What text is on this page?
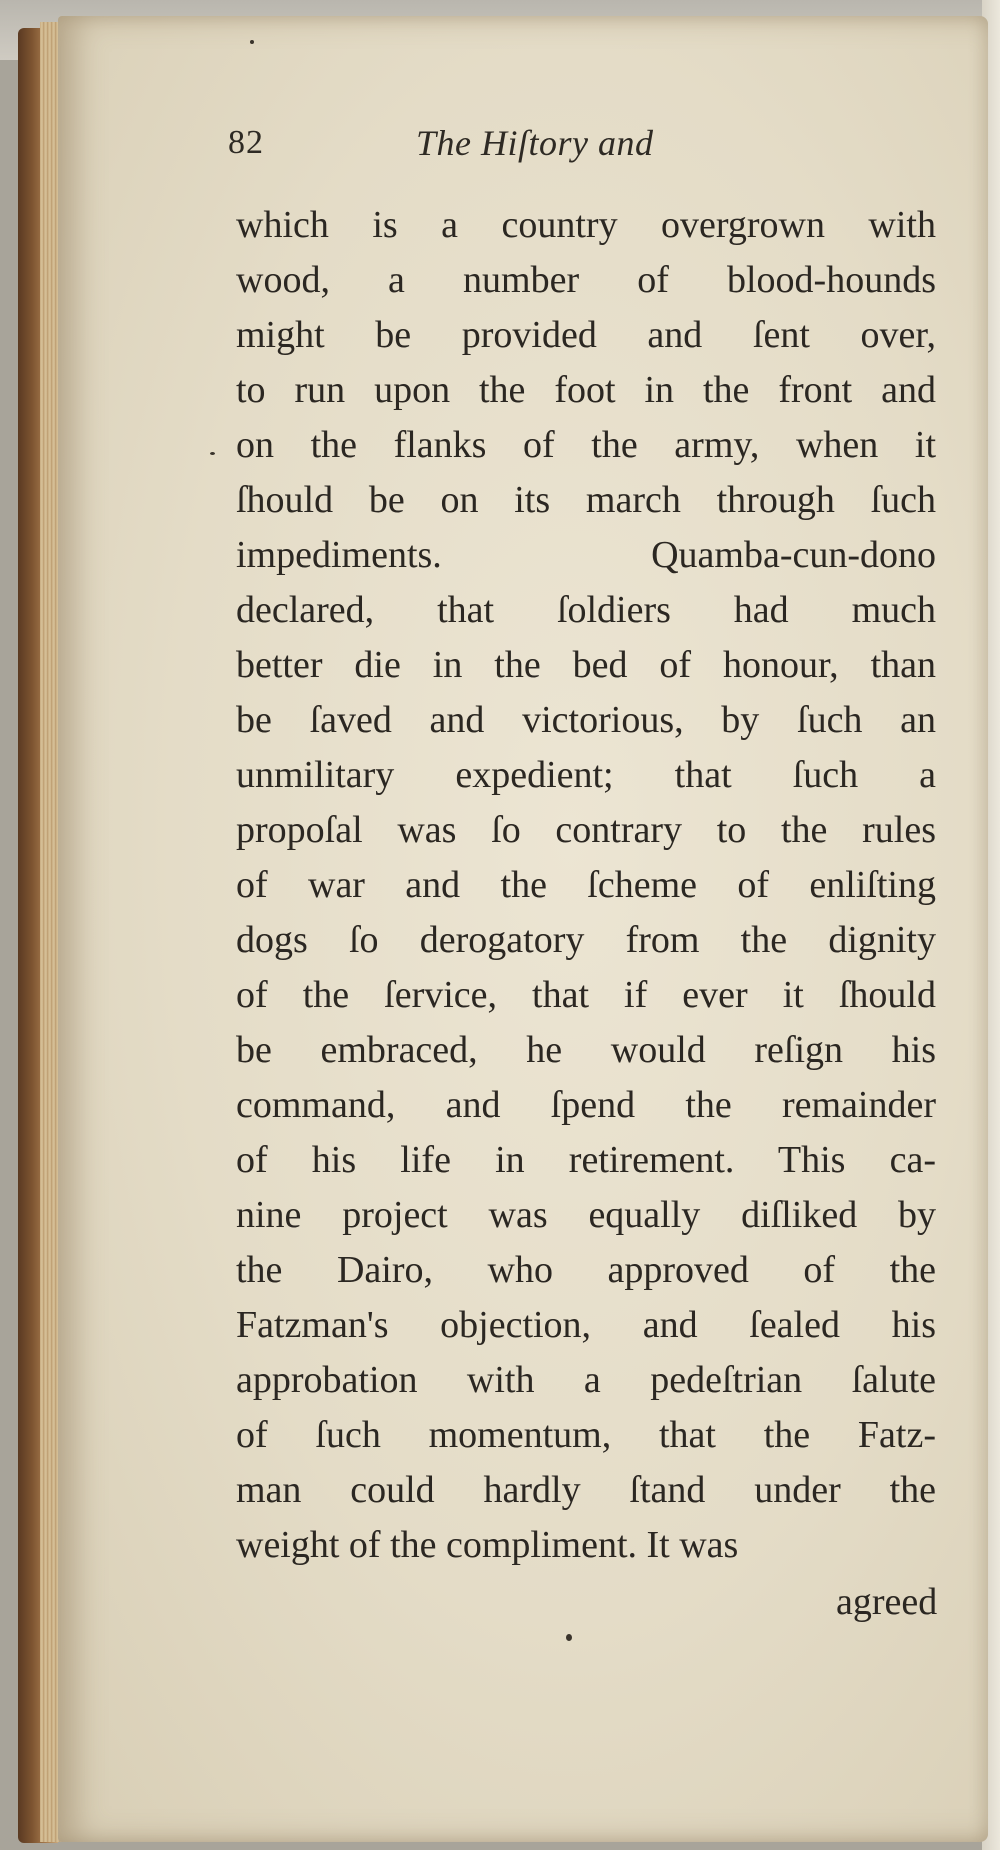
82	The Hiſtory and
which is a country overgrown with
wood, a number of blood-hounds
might be provided and ſent over,
to run upon the foot in the front and
on the flanks of the army, when it
ſhould be on its march through ſuch
impediments. Quamba-cun-dono
declared, that ſoldiers had much
better die in the bed of honour, than
be ſaved and victorious, by ſuch an
unmilitary expedient; that ſuch a
propoſal was ſo contrary to the rules
of war and the ſcheme of enliſting
dogs ſo derogatory from the dignity
of the ſervice, that if ever it ſhould
be embraced, he would reſign his
command, and ſpend the remainder
of his life in retirement. This ca-
nine project was equally diſliked by
the Dairo, who approved of the
Fatzman's objection, and ſealed his
approbation with a pedeſtrian ſalute
of ſuch momentum, that the Fatz-
man could hardly ſtand under the
weight of the compliment. It was
agreed
